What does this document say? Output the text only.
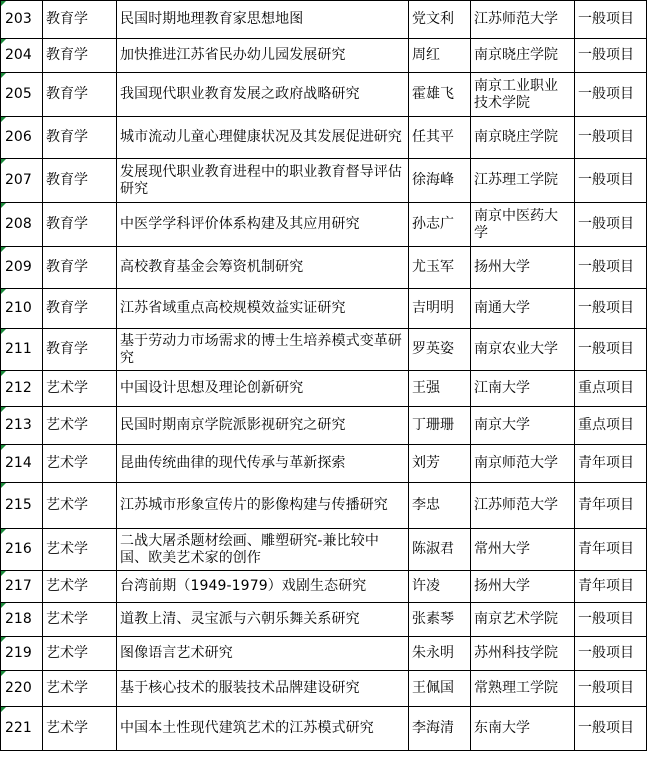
203	教育学	民国时期地理教育家思想地图	党文利	江苏师范大学	一般项目
204	教育学	加快推进江苏省民办幼儿园发展研究	周红	南京晓庄学院	一般项目
205	教育学	我国现代职业教育发展之政府战略研究	霍雄飞	南京工业职业技术学院	一般项目
206	教育学	城市流动儿童心理健康状况及其发展促进研究	任其平	南京晓庄学院	一般项目
207	教育学	发展现代职业教育进程中的职业教育督导评估研究	徐海峰	江苏理工学院	一般项目
208	教育学	中医学学科评价体系构建及其应用研究	孙志广	南京中医药大学	一般项目
209	教育学	高校教育基金会筹资机制研究	尤玉军	扬州大学	一般项目
210	教育学	江苏省域重点高校规模效益实证研究	吉明明	南通大学	一般项目
211	教育学	基于劳动力市场需求的博士生培养模式变革研究	罗英姿	南京农业大学	一般项目
212	艺术学	中国设计思想及理论创新研究	王强	江南大学	重点项目
213	艺术学	民国时期南京学院派影视研究之研究	丁珊珊	南京大学	重点项目
214	艺术学	昆曲传统曲律的现代传承与革新探索	刘芳	南京师范大学	青年项目
215	艺术学	江苏城市形象宣传片的影像构建与传播研究	李忠	江苏师范大学	青年项目
216	艺术学	二战大屠杀题材绘画、雕塑研究-兼比较中国、欧美艺术家的创作	陈淑君	常州大学	青年项目
217	艺术学	台湾前期（1949-1979）戏剧生态研究	许凌	扬州大学	青年项目
218	艺术学	道教上清、灵宝派与六朝乐舞关系研究	张素琴	南京艺术学院	一般项目
219	艺术学	图像语言艺术研究	朱永明	苏州科技学院	一般项目
220	艺术学	基于核心技术的服装技术品牌建设研究	王佩国	常熟理工学院	一般项目
221	艺术学	中国本土性现代建筑艺术的江苏模式研究	李海清	东南大学	一般项目
